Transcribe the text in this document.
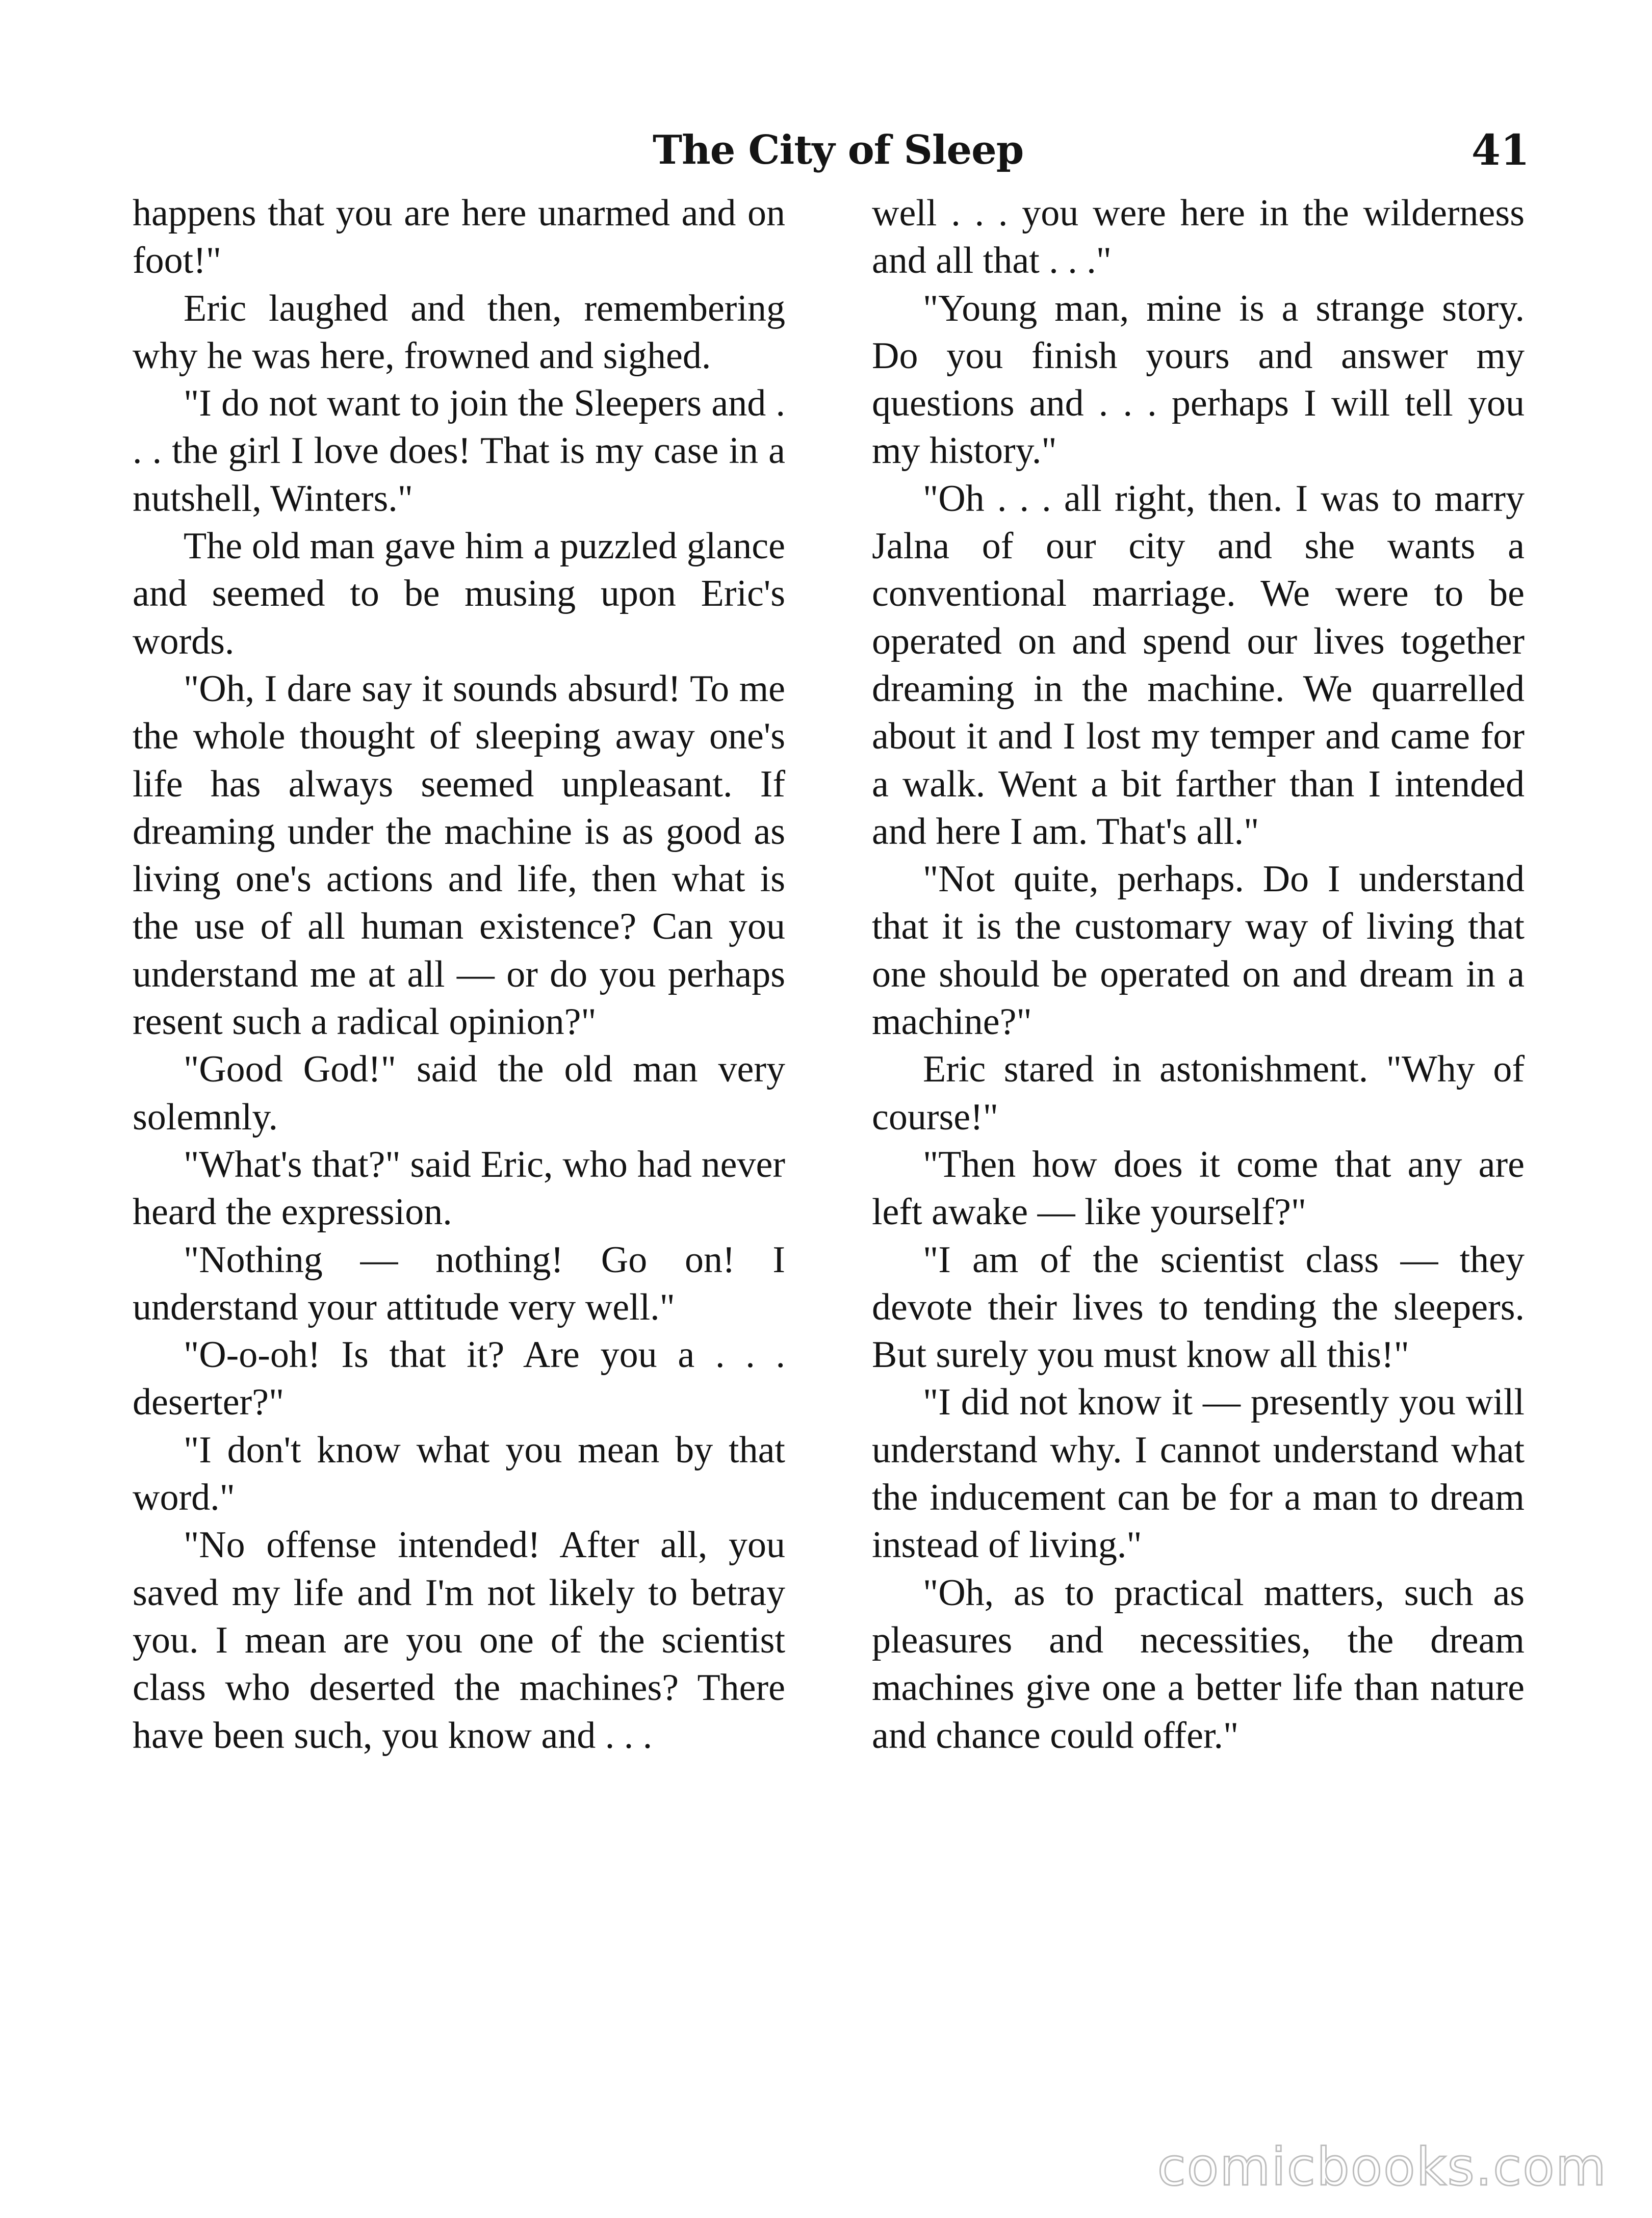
The City of Sleep	41

happens that you are here unarmed and on foot!"

Eric laughed and then, remembering why he was here, frowned and sighed.

"I do not want to join the Sleepers and . . . the girl I love does! That is my case in a nutshell, Winters."

The old man gave him a puzzled glance and seemed to be musing upon Eric's words.

"Oh, I dare say it sounds absurd! To me the whole thought of sleeping away one's life has always seemed unpleasant. If dreaming under the machine is as good as living one's actions and life, then what is the use of all human existence? Can you understand me at all — or do you perhaps resent such a radical opinion?"

"Good God!" said the old man very solemnly.

"What's that?" said Eric, who had never heard the expression.

"Nothing — nothing! Go on! I understand your attitude very well."

"O-o-oh! Is that it? Are you a . . . deserter?"

"I don't know what you mean by that word."

"No offense intended! After all, you saved my life and I'm not likely to betray you. I mean are you one of the scientist class who deserted the machines? There have been such, you know and . . .

well . . . you were here in the wilderness and all that . . ."

"Young man, mine is a strange story. Do you finish yours and answer my questions and . . . perhaps I will tell you my history."

"Oh . . . all right, then. I was to marry Jalna of our city and she wants a conventional marriage. We were to be operated on and spend our lives together dreaming in the machine. We quarrelled about it and I lost my temper and came for a walk. Went a bit farther than I intended and here I am. That's all."

"Not quite, perhaps. Do I understand that it is the customary way of living that one should be operated on and dream in a machine?"

Eric stared in astonishment. "Why of course!"

"Then how does it come that any are left awake — like yourself?"

"I am of the scientist class — they devote their lives to tending the sleepers. But surely you must know all this!"

"I did not know it — presently you will understand why. I cannot understand what the inducement can be for a man to dream instead of living."

"Oh, as to practical matters, such as pleasures and necessities, the dream machines give one a better life than nature and chance could offer."

comicbooks.com
